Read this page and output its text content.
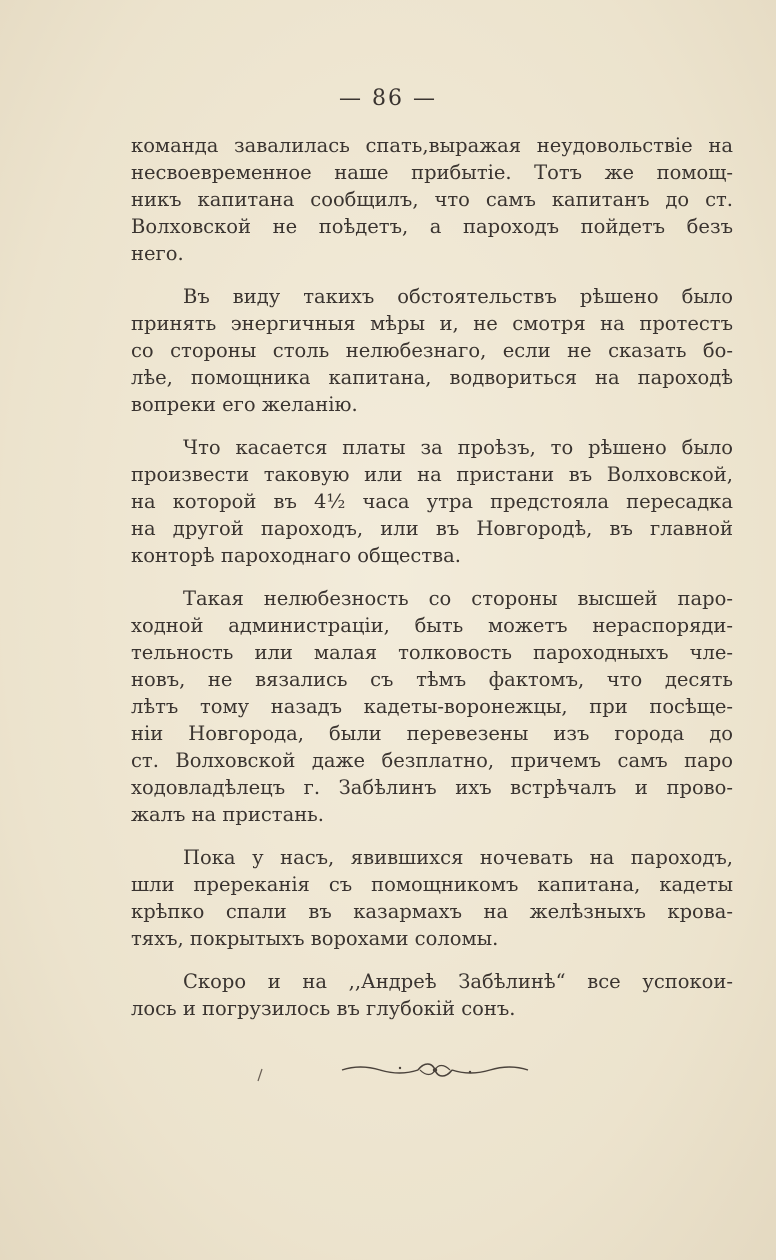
— 86 —
команда завалилась спать,выражая неудовольствіе на
несвоевременное наше прибытіе. Тотъ же помощ-
никъ капитана сообщилъ, что самъ капитанъ до ст.
Волховской не поѣдетъ, а пароходъ пойдетъ безъ
него.
Въ виду такихъ обстоятельствъ рѣшено было
принять энергичныя мѣры и, не смотря на протестъ
со стороны столь нелюбезнаго, если не сказать бо-
лѣе, помощника капитана, водвориться на пароходѣ
вопреки его желанію.
Что касается платы за проѣзъ, то рѣшено было
произвести таковую или на пристани въ Волховской,
на которой въ 4½ часа утра предстояла пересадка
на другой пароходъ, или въ Новгородѣ, въ главной
конторѣ пароходнаго общества.
Такая нелюбезность со стороны высшей паро-
ходной администраціи, быть можетъ нераспоряди-
тельность или малая толковость пароходныхъ чле-
новъ, не вязались съ тѣмъ фактомъ, что десять
лѣтъ тому назадъ кадеты-воронежцы, при посѣще-
ніи Новгорода, были перевезены изъ города до
ст. Волховской даже безплатно, причемъ самъ паро
ходовладѣлецъ г. Забѣлинъ ихъ встрѣчалъ и прово-
жалъ на пристань.
Пока у насъ, явившихся ночевать на пароходъ,
шли пререканія съ помощникомъ капитана, кадеты
крѣпко спали въ казармахъ на желѣзныхъ крова-
тяхъ, покрытыхъ ворохами соломы.
Скоро и на ,,Андреѣ Забѣлинѣ“ все успокои-
лось и погрузилось въ глубокій сонъ.
